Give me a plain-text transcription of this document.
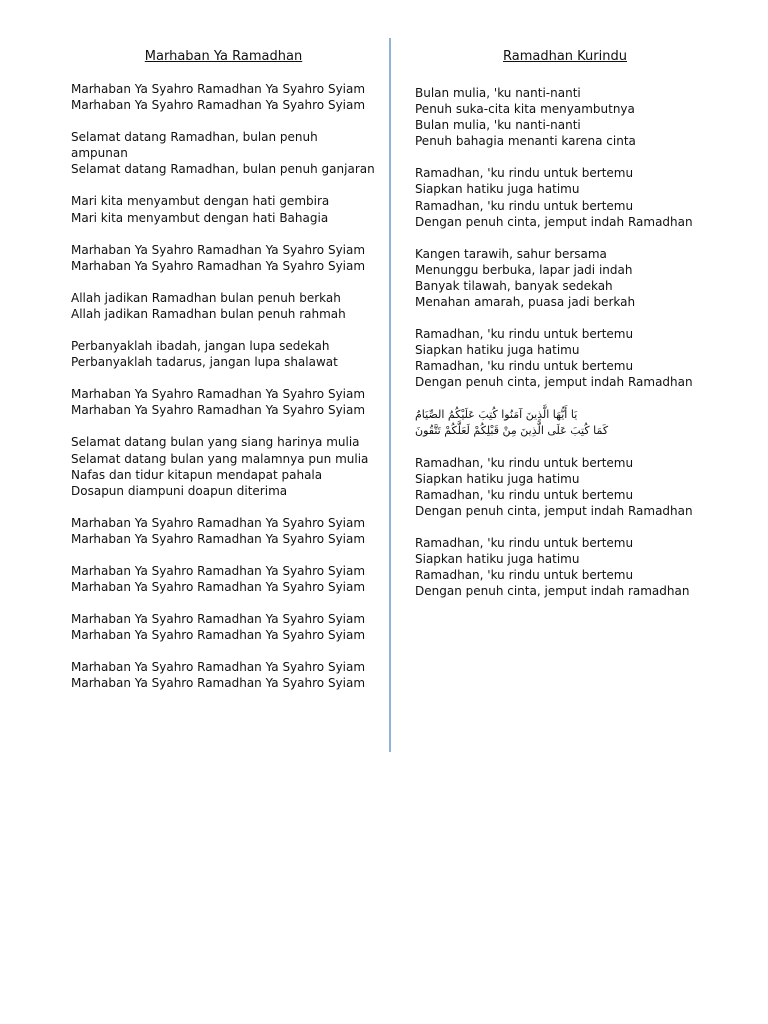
Marhaban Ya Ramadhan
Marhaban Ya Syahro Ramadhan Ya Syahro Syiam
Marhaban Ya Syahro Ramadhan Ya Syahro Syiam
Selamat datang Ramadhan, bulan penuh ampunan
Selamat datang Ramadhan, bulan penuh ganjaran
Mari kita menyambut dengan hati gembira
Mari kita menyambut dengan hati Bahagia
Marhaban Ya Syahro Ramadhan Ya Syahro Syiam
Marhaban Ya Syahro Ramadhan Ya Syahro Syiam
Allah jadikan Ramadhan bulan penuh berkah
Allah jadikan Ramadhan bulan penuh rahmah
Perbanyaklah ibadah, jangan lupa sedekah
Perbanyaklah tadarus, jangan lupa shalawat
Marhaban Ya Syahro Ramadhan Ya Syahro Syiam
Marhaban Ya Syahro Ramadhan Ya Syahro Syiam
Selamat datang bulan yang siang harinya mulia
Selamat datang bulan yang malamnya pun mulia
Nafas dan tidur kitapun mendapat pahala
Dosapun diampuni doapun diterima
Marhaban Ya Syahro Ramadhan Ya Syahro Syiam
Marhaban Ya Syahro Ramadhan Ya Syahro Syiam
Marhaban Ya Syahro Ramadhan Ya Syahro Syiam
Marhaban Ya Syahro Ramadhan Ya Syahro Syiam
Marhaban Ya Syahro Ramadhan Ya Syahro Syiam
Marhaban Ya Syahro Ramadhan Ya Syahro Syiam
Marhaban Ya Syahro Ramadhan Ya Syahro Syiam
Marhaban Ya Syahro Ramadhan Ya Syahro Syiam
Ramadhan Kurindu
Bulan mulia, 'ku nanti-nanti
Penuh suka-cita kita menyambutnya
Bulan mulia, 'ku nanti-nanti
Penuh bahagia menanti karena cinta
Ramadhan, 'ku rindu untuk bertemu
Siapkan hatiku juga hatimu
Ramadhan, 'ku rindu untuk bertemu
Dengan penuh cinta, jemput indah Ramadhan
Kangen tarawih, sahur bersama
Menunggu berbuka, lapar jadi indah
Banyak tilawah, banyak sedekah
Menahan amarah, puasa jadi berkah
Ramadhan, 'ku rindu untuk bertemu
Siapkan hatiku juga hatimu
Ramadhan, 'ku rindu untuk bertemu
Dengan penuh cinta, jemput indah Ramadhan
يَا أَيُّهَا الَّذِينَ آمَنُوا كُتِبَ عَلَيْكُمُ الصِّيَامُ
كَمَا كُتِبَ عَلَى الَّذِينَ مِنْ قَبْلِكُمْ لَعَلَّكُمْ تَتَّقُونَ
Ramadhan, 'ku rindu untuk bertemu
Siapkan hatiku juga hatimu
Ramadhan, 'ku rindu untuk bertemu
Dengan penuh cinta, jemput indah Ramadhan
Ramadhan, 'ku rindu untuk bertemu
Siapkan hatiku juga hatimu
Ramadhan, 'ku rindu untuk bertemu
Dengan penuh cinta, jemput indah ramadhan
